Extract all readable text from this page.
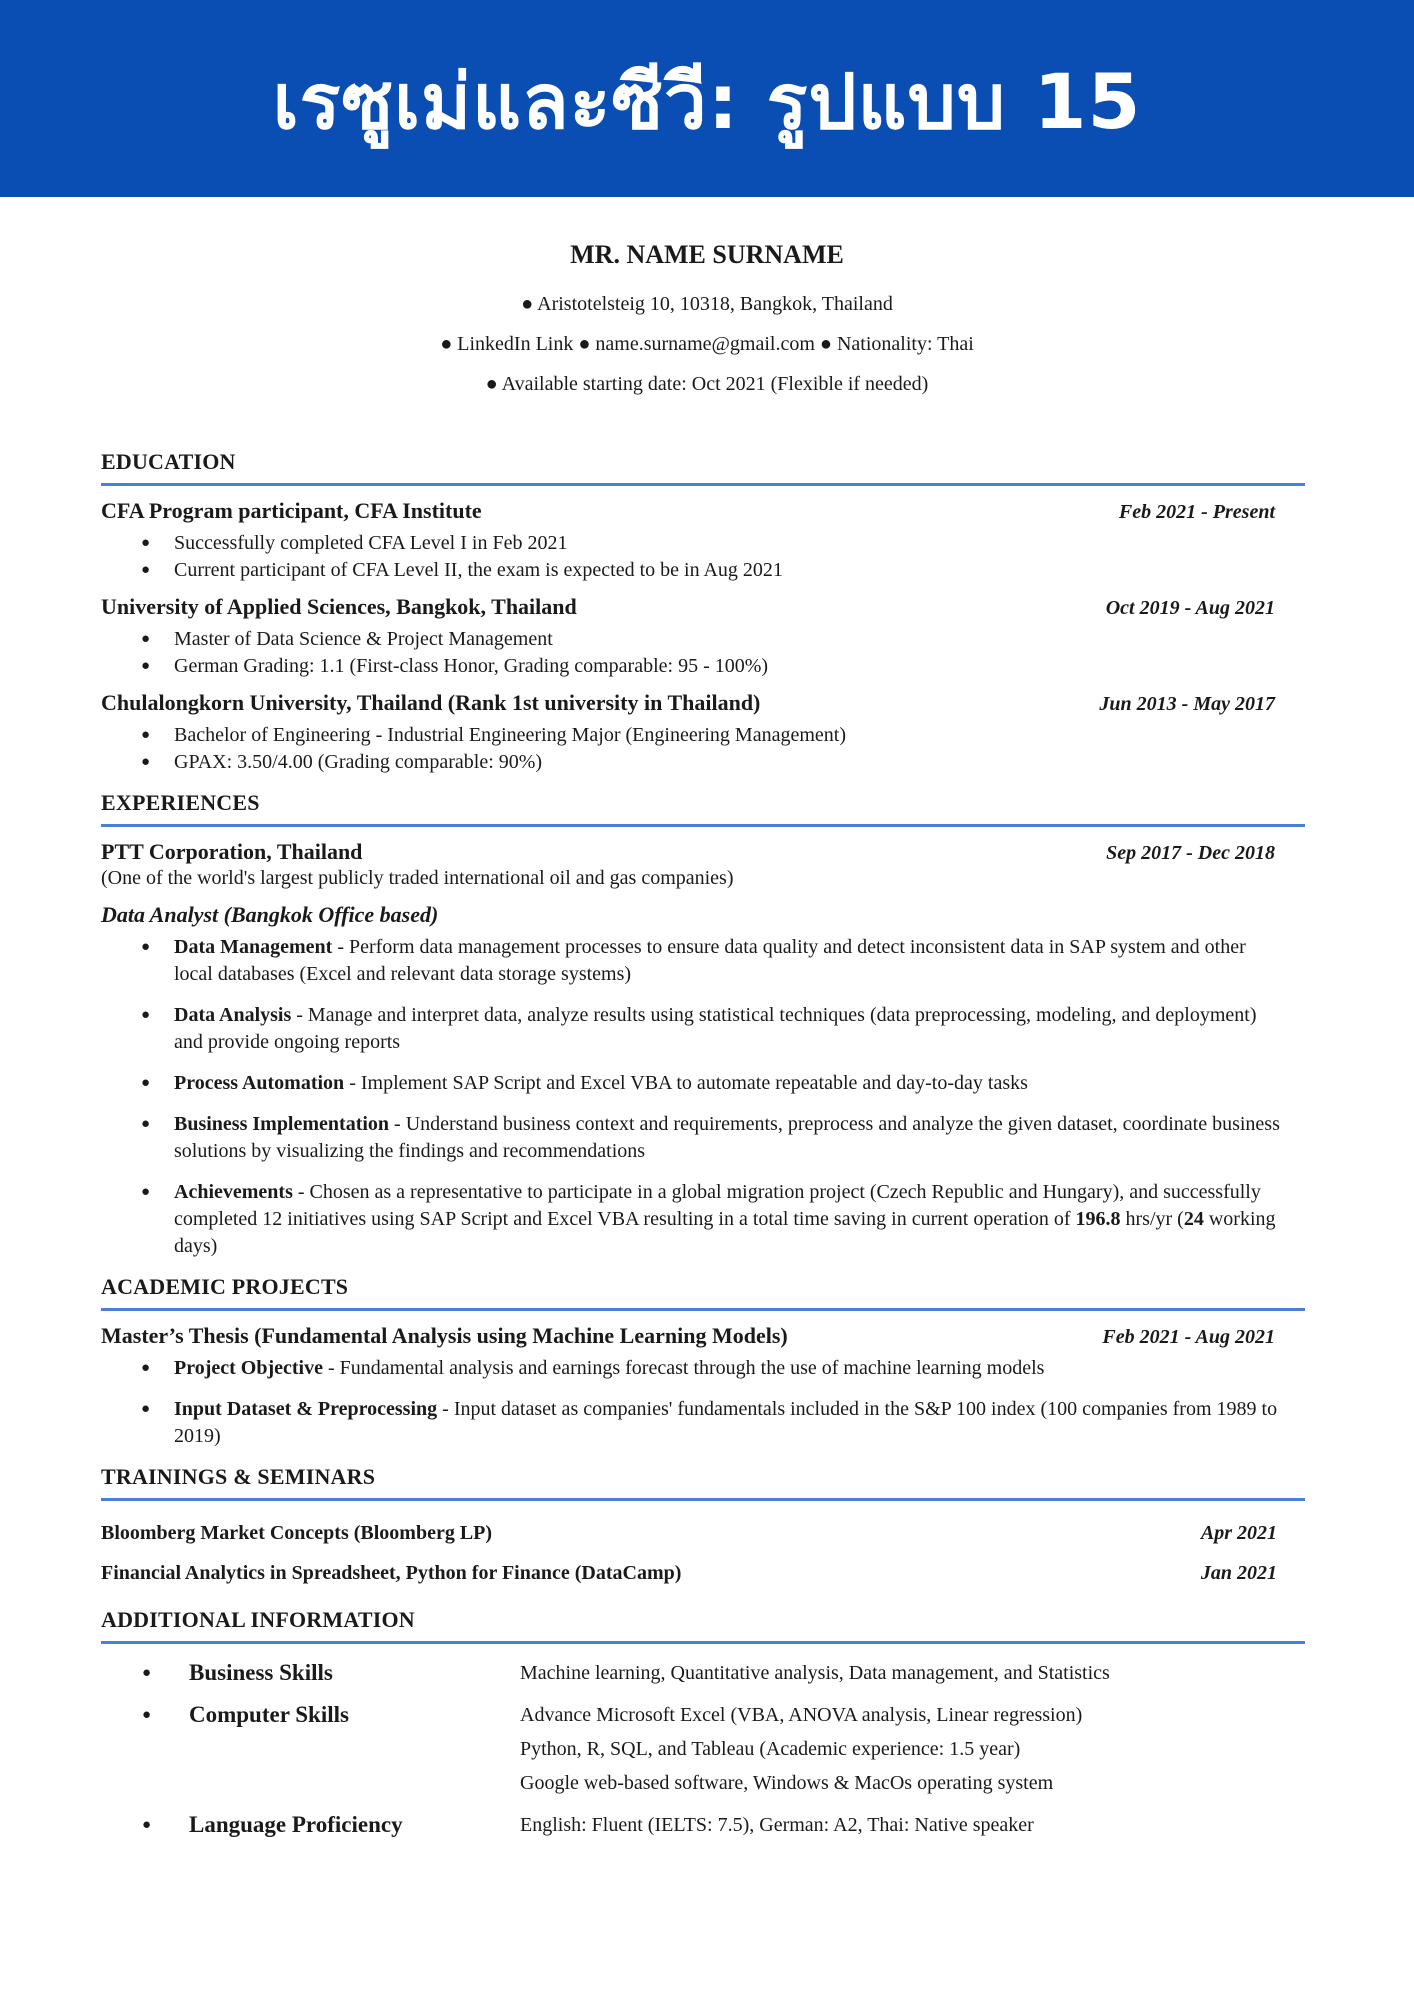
เรซูเม่และซีวี: รูปแบบ 15
MR. NAME SURNAME
● Aristotelsteig 10, 10318, Bangkok, Thailand
● LinkedIn Link ● name.surname@gmail.com ● Nationality: Thai
● Available starting date: Oct 2021 (Flexible if needed)
EDUCATION
CFA Program participant, CFA Institute	Feb 2021 - Present
● Successfully completed CFA Level I in Feb 2021
● Current participant of CFA Level II, the exam is expected to be in Aug 2021
University of Applied Sciences, Bangkok, Thailand	Oct 2019 - Aug 2021
● Master of Data Science & Project Management
● German Grading: 1.1 (First-class Honor, Grading comparable: 95 - 100%)
Chulalongkorn University, Thailand (Rank 1st university in Thailand)	Jun 2013 - May 2017
● Bachelor of Engineering - Industrial Engineering Major (Engineering Management)
● GPAX: 3.50/4.00 (Grading comparable: 90%)
EXPERIENCES
PTT Corporation, Thailand	Sep 2017 - Dec 2018
(One of the world's largest publicly traded international oil and gas companies)
Data Analyst (Bangkok Office based)
● Data Management - Perform data management processes to ensure data quality and detect inconsistent data in SAP system and other local databases (Excel and relevant data storage systems)
● Data Analysis - Manage and interpret data, analyze results using statistical techniques (data preprocessing, modeling, and deployment) and provide ongoing reports
● Process Automation - Implement SAP Script and Excel VBA to automate repeatable and day-to-day tasks
● Business Implementation - Understand business context and requirements, preprocess and analyze the given dataset, coordinate business solutions by visualizing the findings and recommendations
● Achievements - Chosen as a representative to participate in a global migration project (Czech Republic and Hungary), and successfully completed 12 initiatives using SAP Script and Excel VBA resulting in a total time saving in current operation of 196.8 hrs/yr (24 working days)
ACADEMIC PROJECTS
Master’s Thesis (Fundamental Analysis using Machine Learning Models)	Feb 2021 - Aug 2021
● Project Objective - Fundamental analysis and earnings forecast through the use of machine learning models
● Input Dataset & Preprocessing - Input dataset as companies' fundamentals included in the S&P 100 index (100 companies from 1989 to 2019)
TRAININGS & SEMINARS
Bloomberg Market Concepts (Bloomberg LP)	Apr 2021
Financial Analytics in Spreadsheet, Python for Finance (DataCamp)	Jan 2021
ADDITIONAL INFORMATION
●	Business Skills	Machine learning, Quantitative analysis, Data management, and Statistics
●	Computer Skills	Advance Microsoft Excel (VBA, ANOVA analysis, Linear regression)
Python, R, SQL, and Tableau (Academic experience: 1.5 year)
Google web-based software, Windows & MacOs operating system
●	Language Proficiency	English: Fluent (IELTS: 7.5), German: A2, Thai: Native speaker
